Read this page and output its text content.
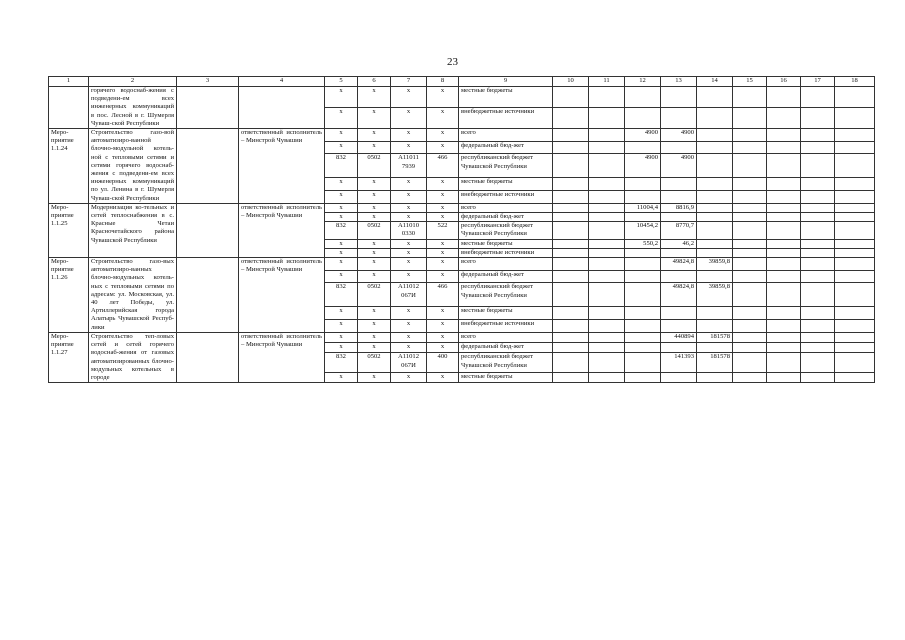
23
1	2	3	4	5	6	7	8	9	10	11	12	13	14	15	16	17	18
	горячего водоснаб-жения с подведени-ем всех инженерных коммуникаций в пос. Лесной в г. Шумерля Чуваш-ской Республики			x	x	x	x	местные бюджеты									
				x	x	x	x	внебюджетные источники									
Меро-приятие 1.1.24	Строительство газо-вой автоматизиро-ванной блочно-модульной котель-ной с тепловыми сетями и сетями горячего водоснаб-жения с подведени-ем всех инженерных коммуникаций по ул. Ленина в г. Шумерля Чуваш-ской Республики		ответственный исполнитель – Минстрой Чувашии	x	x	x	x	всего			4900	4900					
				x	x	x	x	федеральный бюд-жет									
				832	0502	А11011 7939	466	республиканский бюджет Чувашской Республики			4900	4900					
				x	x	x	x	местные бюджеты									
				x	x	x	x	внебюджетные источники									
Меро-приятие 1.1.25	Модернизация ко-тельных и сетей теплоснабжения в с. Красные Четаи Красночетайского района Чувашской Республики		ответственный исполнитель – Минстрой Чувашии	x	x	x	x	всего			11004,4	8816,9					
				x	x	x	x	федеральный бюд-жет									
				832	0502	А11010 0330	522	республиканский бюджет Чувашской Республики			10454,2	8770,7					
				x	x	x	x	местные бюджеты			550,2	46,2					
				x	x	x	x	внебюджетные источники									
Меро-приятие 1.1.26	Строительство газо-вых автоматизиро-ванных блочно-модульных котель-ных с тепловыми сетями по адресам: ул. Московская, ул. 40 лет Победы, ул. Артиллерийская города Алатырь Чувашской Респуб-лики		ответственный исполнитель – Минстрой Чувашии	x	x	x	x	всего				49824,8	39859,8				
				x	x	x	x	федеральный бюд-жет									
				832	0502	А11012 067И	466	республиканский бюджет Чувашской Республики				49824,8	39859,8				
				x	x	x	x	местные бюджеты									
				x	x	x	x	внебюджетные источники									
Меро-приятие 1.1.27	Строительство теп-ловых сетей и сетей горячего водоснаб-жения от газовых автоматизированных блочно-модульных котельных в городе		ответственный исполнитель – Минстрой Чувашии	x	x	x	x	всего				440894	181578				
				x	x	x	x	федеральный бюд-жет									
				832	0502	А11012 067И	400	республиканский бюджет Чувашской Республики				141393	181578				
				x	x	x	x	местные бюджеты									
